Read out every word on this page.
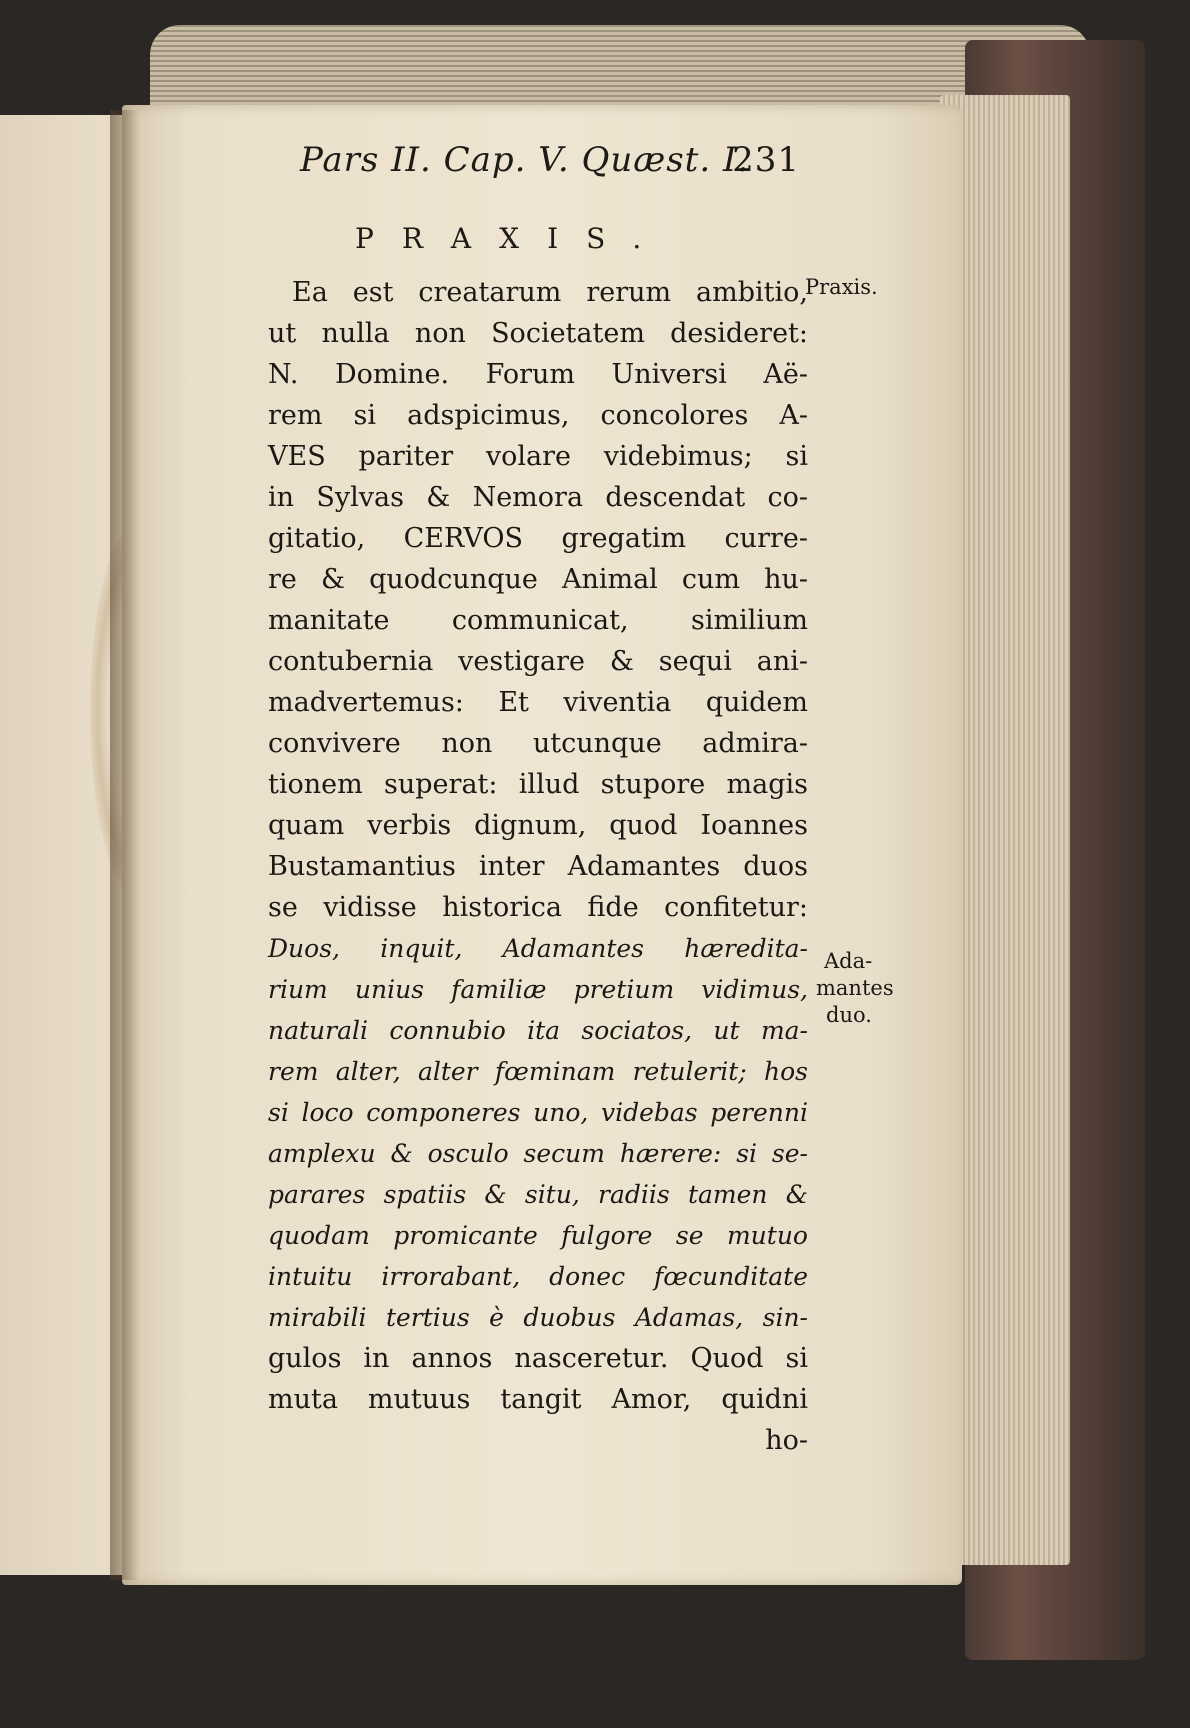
Pars II. Cap. V. Quæst. I.
231
PRAXIS.
Praxis.
Ada-
mantes
duo.
Ea est creatarum rerum ambitio,
ut nulla non Societatem desideret:
N. Domine. Forum Universi Aë-
rem si adspicimus, concolores A-
VES pariter volare videbimus; si
in Sylvas & Nemora descendat co-
gitatio, CERVOS gregatim curre-
re & quodcunque Animal cum hu-
manitate communicat, similium
contubernia vestigare & sequi ani-
madvertemus: Et viventia quidem
convivere non utcunque admira-
tionem superat: illud stupore magis
quam verbis dignum, quod Ioannes
Bustamantius inter Adamantes duos
se vidisse historica fide confitetur:
Duos, inquit, Adamantes hæredita-
rium unius familiæ pretium vidimus,
naturali connubio ita sociatos, ut ma-
rem alter, alter fœminam retulerit; hos
si loco componeres uno, videbas perenni
amplexu & osculo secum hærere: si se-
parares spatiis & situ, radiis tamen &
quodam promicante fulgore se mutuo
intuitu irrorabant, donec fœcunditate
mirabili tertius è duobus Adamas, sin-
gulos in annos nasceretur. Quod si
muta mutuus tangit Amor, quidni
ho-
